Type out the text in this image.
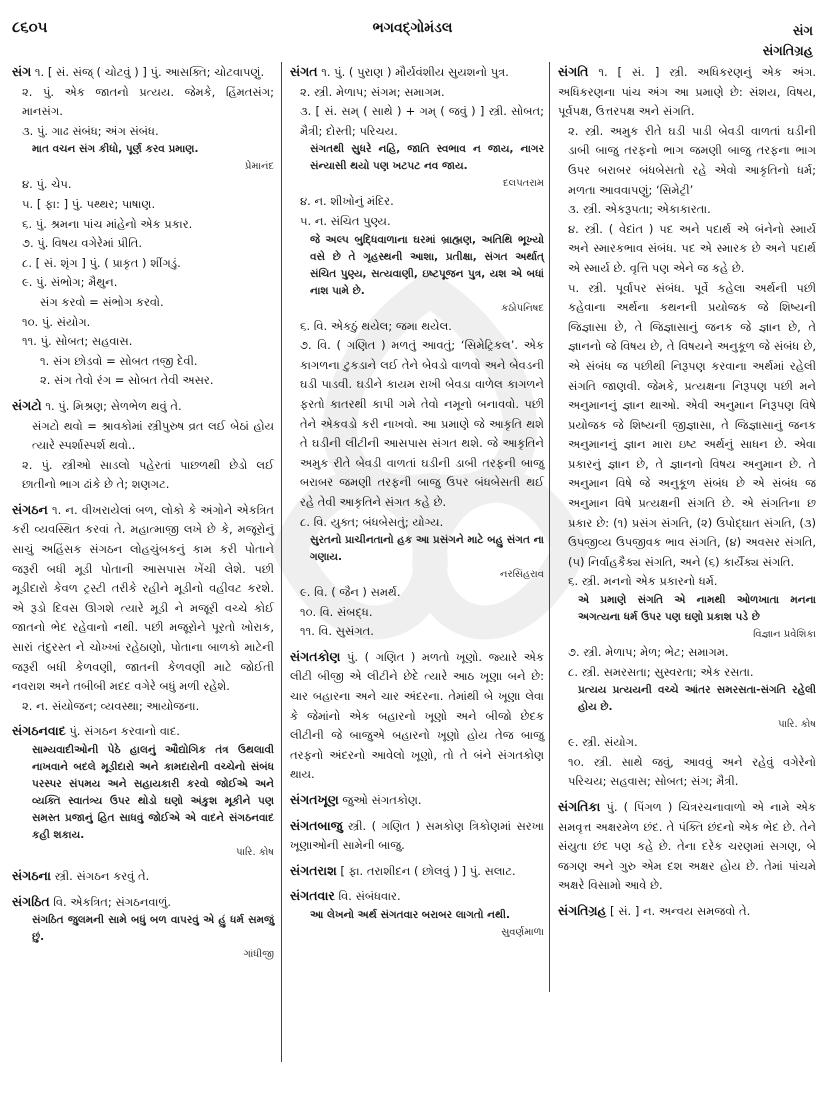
૮૬૦૫	ભગવદ્ગોમંડલ	સંગ
સંગતિગ્રહ
સંગ ૧. [ સં. સંજ્ ( ચોટવું ) ] પું. આસક્તિ; ચોટવાપણું.
૨. પું. એક જાતનો પ્રત્યય. જેમકે, હિંમતસંગ; માનસંગ.
૩. પું. ગાઢ સંબંધ; અંગ સંબંધ.
માત વચન સંગ કીધો, પૂર્ણ કરવ પ્રમાણ.
પ્રેમાનંદ
૪. પું. ચેપ.
૫. [ ફા: ] પું. પથ્થર; પાષાણ.
૬. પું. શ્રમના પાંચ માંહેનો એક પ્રકાર.
૭. પું. વિષય વગેરેમાં પ્રીતિ.
૮. [ સં. શૃંગ ] પું. ( પ્રાકૃત ) શીંગડું.
૯. પું. સંભોગ; મૈથુન.
સંગ કરવો = સંભોગ કરવો.
૧૦. પું. સંયોગ.
૧૧. પું. સોબત; સહવાસ.
૧. સંગ છોડવો = સોબત તજી દેવી.
૨. સંગ તેવો રંગ = સોબત તેવી અસર.
સંગટો ૧. પું. મિશ્રણ; સેળભેળ થવું તે.
સંગટો થવો = શ્રાવકોમાં સ્ત્રીપુરુષ વ્રત લઈ બેઠાં હોય ત્યારે સ્પર્શાસ્પર્શ થવો..
૨. પું. સ્ત્રીઓ સાડલો પહેરતાં પાછળથી છેડો લઈ છાતીનો ભાગ ઢાંકે છે તે; શણગટ.
સંગઠન ૧. ન. વીખરાયેલાં બળ, લોકો કે અંગોને એકત્રિત કરી વ્યવસ્થિત કરવાં તે. મહાત્માજી લખે છે કે, મજૂરોનું સાચું અહિંસક સંગઠન લોહચુંબકનું કામ કરી પોતાને જરૂરી બધી મૂડી પોતાની આસપાસ ખેંચી લેશે. પછી મૂડીદારો કેવળ ટ્રસ્ટી તરીકે રહીને મૂડીનો વહીવટ કરશે. એ રૂડો દિવસ ઊગશે ત્યારે મૂડી ને મજૂરી વચ્ચે કોઈ જાતનો ભેદ રહેવાનો નથી. પછી મજૂરોને પૂરતો ખોરાક, સારાં તંદુરસ્ત ને ચોખ્ખાં રહેઠાણો, પોતાના બાળકો માટેની જરૂરી બધી કેળવણી, જાતની કેળવણી માટે જોઈતી નવરાશ અને તબીબી મદદ વગેરે બધું મળી રહેશે.
૨. ન. સંયોજન; વ્યવસ્થા; આયોજના.
સંગઠનવાદ પું. સંગઠન કરવાનો વાદ.
સામ્યવાદીઓની પેઠે હાલનું ઔદ્યોગિક તંત્ર ઉથલાવી નાખવાને બદલે મૂડીદારો અને કામદારોની વચ્ચેનો સંબંધ પરસ્પર સંપમય અને સહાયકારી કરવો જોઈએ અને વ્યક્તિ સ્વાતંત્ર્ય ઉપર થોડો ઘણો અંકુશ મૂકીને પણ સમસ્ત પ્રજાનું હિત સાધવું જોઈએ એ વાદને સંગઠનવાદ કહી શકાય.
પારિ. કોષ
સંગઠના સ્ત્રી. સંગઠન કરવું તે.
સંગઠિત વિ. એકત્રિત; સંગઠનવાળું.
સંગઠિત જુલમની સામે બધું બળ વાપરવું એ હું ધર્મ સમજું છું.
ગાંધીજી
સંગત ૧. પું. ( પુરાણ ) મૌર્યવંશીય સુયશનો પુત્ર.
૨. સ્ત્રી. મેળાપ; સંગમ; સમાગમ.
૩. [ સં. સમ્ ( સાથે ) + ગમ્ ( જવું ) ] સ્ત્રી. સોબત; મૈત્રી; દોસ્તી; પરિચય.
સંગતથી સુધરે નહિ, જાતિ સ્વભાવ ન જાય, નાગર સંન્યાસી થયો પણ ખટપટ નવ જાય.
દલપતરામ
૪. ન. શીખોનું મંદિર.
૫. ન. સંચિત પુણ્ય.
જે અલ્પ બુદ્ધિવાળાના ઘરમાં બ્રાહ્મણ, અતિથિ ભૂખ્યો વસે છે તે ગૃહસ્થની આશા, પ્રતીક્ષા, સંગત અર્થાત્ સંચિત પુણ્ય, સત્યવાણી, ઇષ્ટપૂજન પુત્ર, યશ એ બધાં નાશ પામે છે.
કઠોપનિષદ
૬. વિ. એકઠું થયેલ; જમા થયેલ.
૭. વિ. ( ગણિત ) મળતું આવતું; ‘સિમેટ્રિકલ’. એક કાગળના ટુકડાને લઈ તેને બેવડો વાળવો અને બેવડની ઘડી પાડવી. ઘડીને કાયમ રાખી બેવડા વાળેલ કાગળને ફરતો કાતરથી કાપી ગમે તેવો નમૂનો બનાવવો. પછી તેને એકવડો કરી નાખવો. આ પ્રમાણે જે આકૃતિ થશે તે ઘડીની લીટીની આસપાસ સંગત થશે. જે આકૃતિને અમુક રીતે બેવડી વાળતાં ઘડીની ડાબી તરફની બાજુ બરાબર જમણી તરફની બાજુ ઉપર બંધબેસતી થઈ રહે તેવી આકૃતિને સંગત કહે છે.
૮. વિ. યુક્ત; બંધબેસતું; યોગ્ય.
સુરતનો પ્રાચીનતાનો હક આ પ્રસંગને માટે બહુ સંગત ના ગણાય.
નરસિંહરાવ
૯. વિ. ( જૈન ) સમર્થ.
૧૦. વિ. સંબદ્ધ.
૧૧. વિ. સુસંગત.
સંગતકોણ પું. ( ગણિત ) મળતો ખૂણો. જ્યારે એક લીટી બીજી એ લીટીને છેદે ત્યારે આઠ ખૂણા બને છે: ચાર બહારના અને ચાર અંદરના. તેમાંથી બે ખૂણા લેવા કે જેમાંનો એક બહારનો ખૂણો અને બીજો છેદક લીટીની જે બાજુએ બહારનો ખૂણો હોય તેજ બાજુ તરફનો અંદરનો આવેલો ખૂણો, તો તે બંને સંગતકોણ થાય.
સંગતખૂણ જુઓ સંગતકોણ.
સંગતબાજુ સ્ત્રી. ( ગણિત ) સમકોણ ત્રિકોણમાં સરખા ખૂણાઓની સામેની બાજુ.
સંગતરાશ [ ફા. તરાશીદન ( છોલવું ) ] પું. સલાટ.
સંગતવાર વિ. સંબંધવાર.
આ લેખનો અર્થ સંગતવાર બરાબર લાગતો નથી.
સુવર્ણમાળા
સંગતિ ૧. [ સં. ] સ્ત્રી. અધિકરણનું એક અંગ. અધિકરણના પાંચ અંગ આ પ્રમાણે છે: સંશય, વિષય, પૂર્વપક્ષ, ઉત્તરપક્ષ અને સંગતિ.
૨. સ્ત્રી. અમુક રીતે ઘડી પાડી બેવડી વાળતાં ઘડીની ડાબી બાજુ તરફનો ભાગ જમણી બાજુ તરફના ભાગ ઉપર બરાબર બંધબેસતો રહે એવો આકૃતિનો ધર્મ; મળતા આવવાપણું; ‘સિમેટ્રી’
૩. સ્ત્રી. એકરૂપતા; એકાકારતા.
૪. સ્ત્રી. ( વેદાંત ) પદ અને પદાર્થ એ બંનેનો સ્માર્ય અને સ્મારકભાવ સંબંધ. પદ એ સ્મારક છે અને પદાર્થ એ સ્માર્ય છે. વૃત્તિ પણ એને જ કહે છે.
૫. સ્ત્રી. પૂર્વાપર સંબંધ. પૂર્વે કહેલા અર્થની પછી કહેવાના અર્થના કથનની પ્રયોજક જે શિષ્યની જિજ્ઞાસા છે, તે જિજ્ઞાસાનું જનક જે જ્ઞાન છે, તે જ્ઞાનનો જે વિષય છે, તે વિષયને અનુકૂળ જે સંબંધ છે, એ સંબંધ જ પછીથી નિરૂપણ કરવાના અર્થમાં રહેલી સંગતિ જાણવી. જેમકે, પ્રત્યક્ષના નિરૂપણ પછી મને અનુમાનનું જ્ઞાન થાઓ. એવી અનુમાન નિરૂપણ વિષે પ્રયોજક જે શિષ્યની જીજ્ઞાસા, તે જિજ્ઞાસાનું જનક અનુમાનનું જ્ઞાન મારા ઇષ્ટ અર્થનું સાધન છે. એવા પ્રકારનું જ્ઞાન છે, તે જ્ઞાનનો વિષય અનુમાન છે. તે અનુમાન વિષે જે અનુકૂળ સંબંધ છે એ સંબંધ જ અનુમાન વિષે પ્રત્યક્ષની સંગતિ છે. એ સંગતિના છ પ્રકાર છે: (૧) પ્રસંગ સંગતિ, (૨) ઉપોદ્ઘાત સંગતિ, (૩) ઉપજીવ્ય ઉપજીવક ભાવ સંગતિ, (૪) અવસર સંગતિ, (૫) નિર્વાહકૈક્ય સંગતિ, અને (૬) કાર્યૈક્ય સંગતિ.
૬. સ્ત્રી. મનનો એક પ્રકારનો ધર્મ.
એ પ્રમાણે સંગતિ એ નામથી ઓળખાતા મનના અગત્યના ધર્મ ઉપર પણ ઘણો પ્રકાશ પડે છે
વિજ્ઞાન પ્રવેશિકા
૭. સ્ત્રી. મેળાપ; મેળ; ભેટ; સમાગમ.
૮. સ્ત્રી. સમરસતા; સુસ્વરતા; એક રસતા.
પ્રત્યય પ્રત્યયની વચ્ચે આંતર સમરસતા-સંગતિ રહેલી હોય છે.
પારિ. કોષ
૯. સ્ત્રી. સંયોગ.
૧૦. સ્ત્રી. સાથે જવું, આવવું અને રહેવું વગેરેનો પરિચય; સહવાસ; સોબત; સંગ; મૈત્રી.
સંગતિકા પું. ( પિંગળ ) ચિત્રરચનાવાળો એ નામે એક સમવૃત્ત અક્ષરમેળ છંદ. તે પંક્તિ છંદનો એક ભેદ છે. તેને સંયુતા છંદ પણ કહે છે. તેના દરેક ચરણમાં સગણ, બે જગણ અને ગુરુ એમ દશ અક્ષર હોય છે. તેમાં પાંચમે અક્ષરે વિસામો આવે છે.
સંગતિગ્રહ [ સં. ] ન. અન્વય સમજવો તે.
